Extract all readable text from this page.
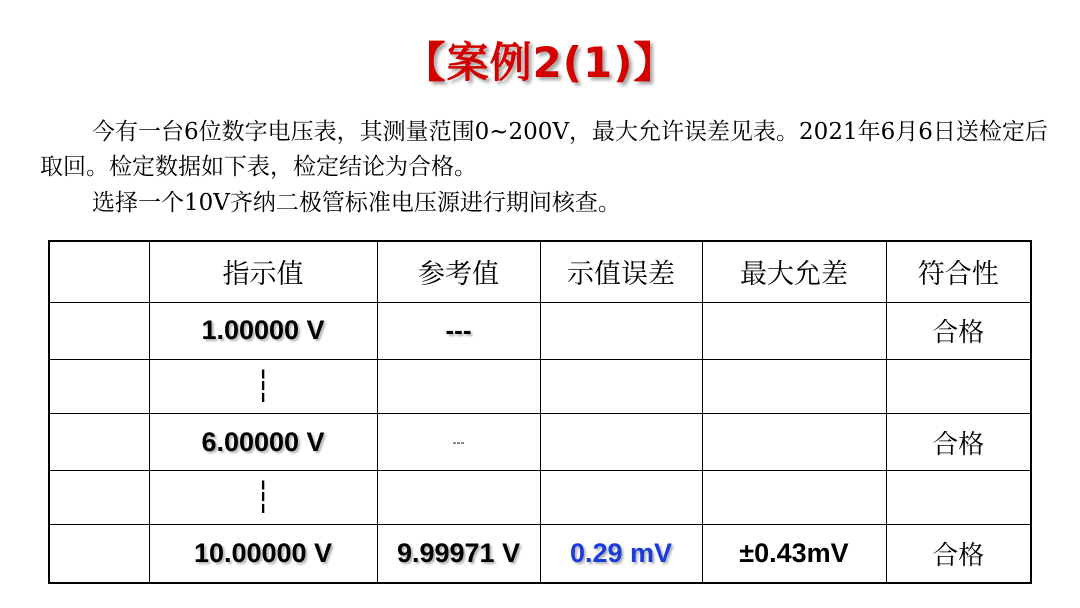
【案例2(1)】
今有一台6位数字电压表，其测量范围0~200V，最大允许误差见表。2021年6月6日送检定后取回。检定数据如下表，检定结论为合格。
选择一个10V齐纳二极管标准电压源进行期间核查。
	指示值	参考值	示值误差	最大允差	符合性
	1.00000 V	---			合格
	┆				
	6.00000 V	---			合格
	┆				
	10.00000 V	9.99971 V	0.29 mV	±0.43mV	合格
